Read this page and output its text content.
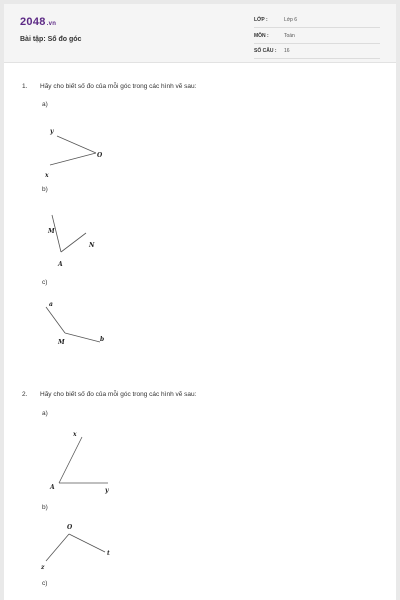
2048.vn
Bài tập: Số đo góc
LỚP :	Lớp 6
MÔN :	Toán
SỐ CÂU : 16
1. Hãy cho biết số đo của mỗi góc trong các hình vẽ sau:
a)
y
O
x
b)
M
A
N
c)
a
M	b
2. Hãy cho biết số đo của mỗi góc trong các hình vẽ sau:
a)
x
A	y
b)
O
z
t
c)
